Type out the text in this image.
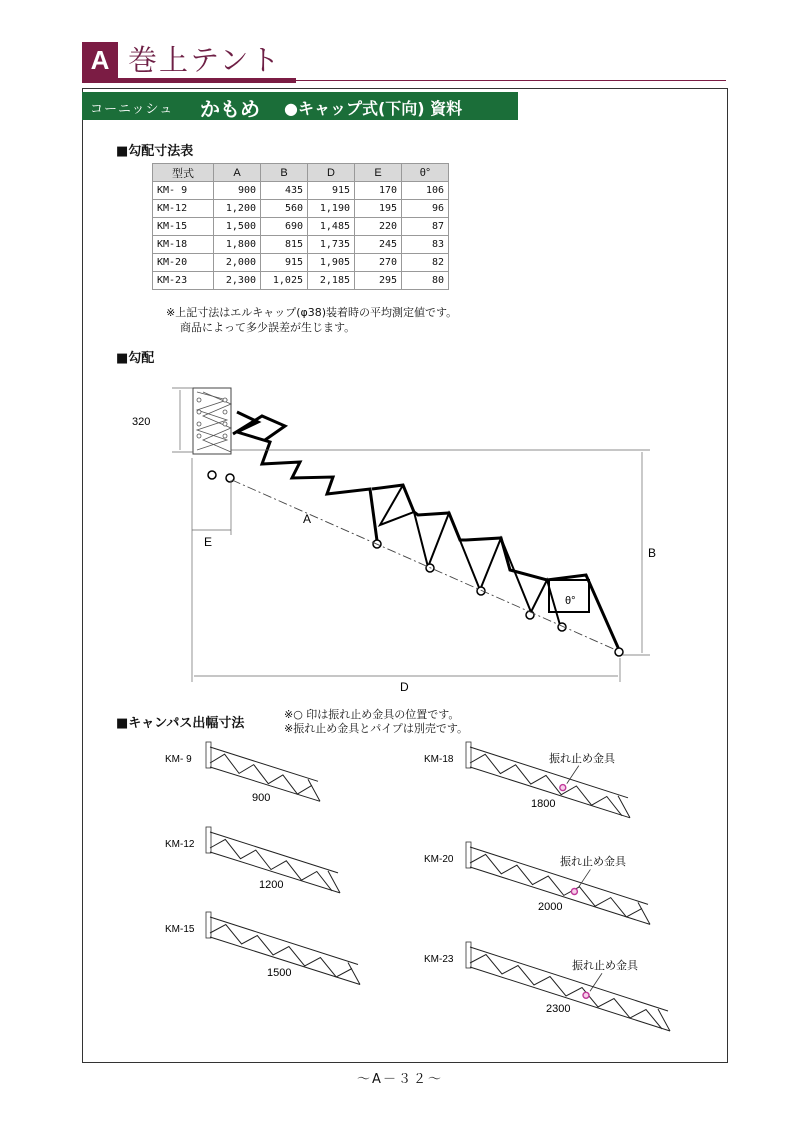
A 巻上テント
コーニッシュ かもめ ●キャップ式(下向) 資料
■勾配寸法表
型式	A	B	D	E	θ°
KM- 9	900	435	915	170	106
KM-12	1,200	560	1,190	195	96
KM-15	1,500	690	1,485	220	87
KM-18	1,800	815	1,735	245	83
KM-20	2,000	915	1,905	270	82
KM-23	2,300	1,025	2,185	295	80
※上記寸法はエルキャップ(φ38)装着時の平均測定値です。
商品によって多少誤差が生じます。
■勾配
320
θ°
A
B
E
D
■キャンパス出幅寸法
※○ 印は振れ止め金具の位置です。
※振れ止め金具とパイプは別売です。
900
KM- 9
1200
KM-12
1500
KM-15
1800
KM-18	振れ止め金具
2000
KM-20	振れ止め金具
2300
KM-23
振れ止め金具
～A－３２～
